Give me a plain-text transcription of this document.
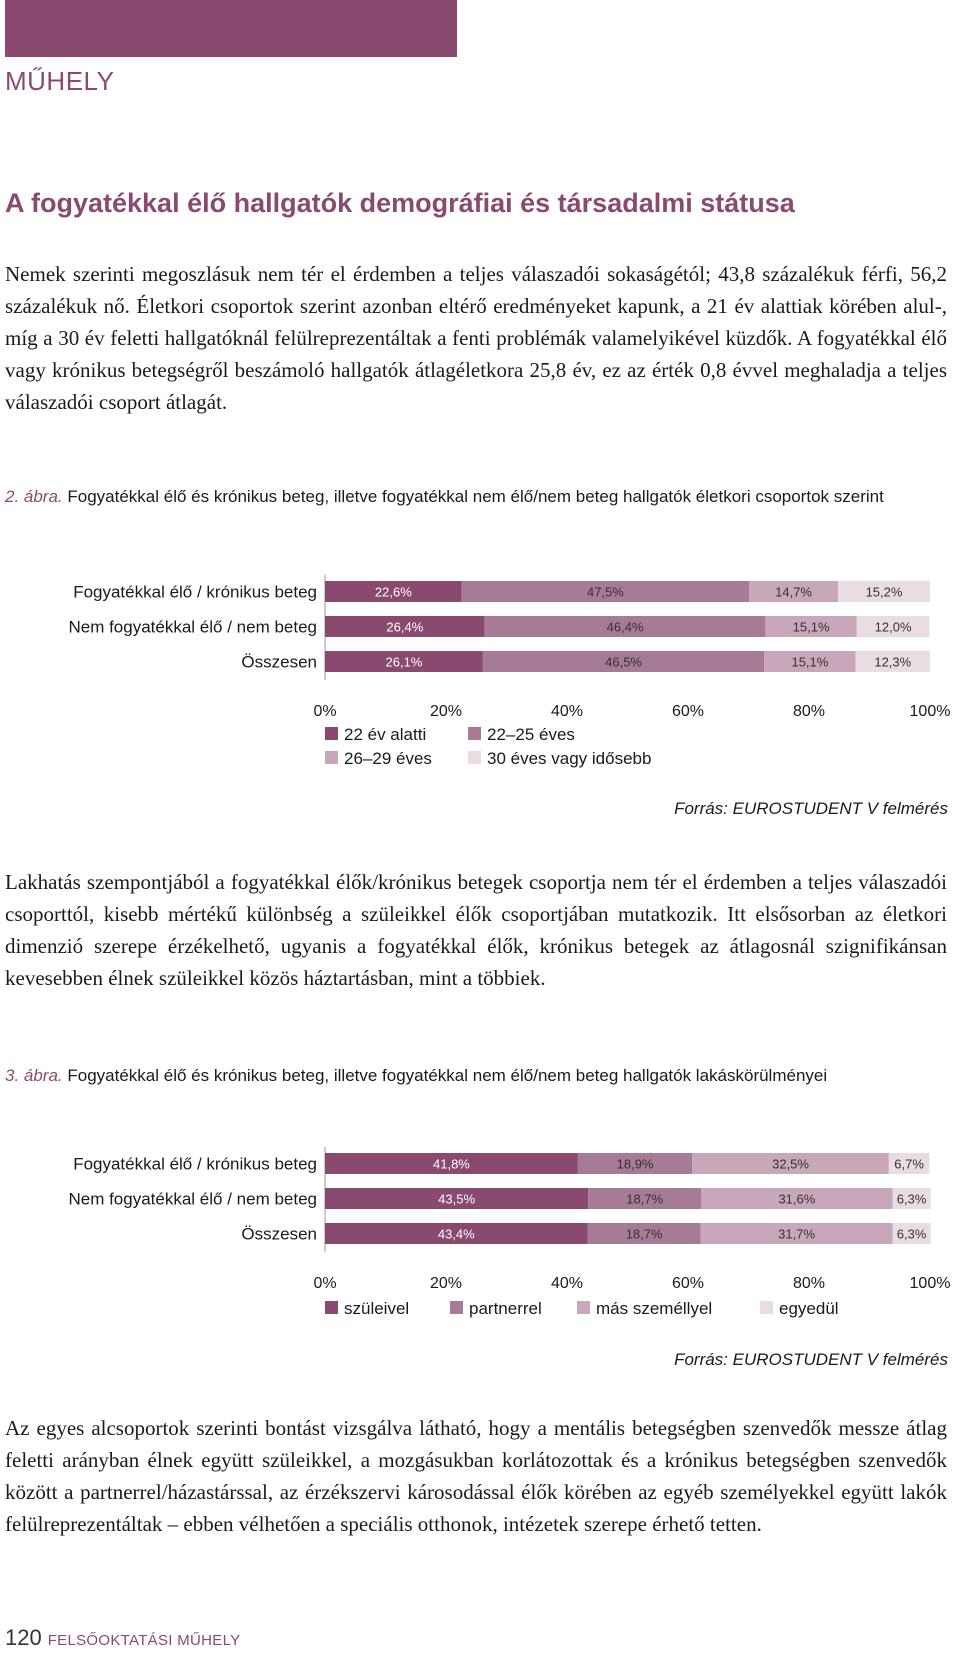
MŰHELY
A fogyatékkal élő hallgatók demográfiai és társadalmi státusa

Nemek szerinti megoszlásuk nem tér el érdemben a teljes válaszadói sokaságétól; 43,8 százalékuk férfi, 56,2 százalékuk nő. Életkori csoportok szerint azonban eltérő eredményeket kapunk, a 21 év alattiak körében alul-, míg a 30 év feletti hallgatóknál felülreprezentáltak a fenti problémák valamelyikével küzdők. A fogyatékkal élő vagy krónikus betegségről beszámoló hallgatók átlagéletkora 25,8 év, ez az érték 0,8 évvel meghaladja a teljes válaszadói csoport átlagát.

2. ábra. Fogyatékkal élő és krónikus beteg, illetve fogyatékkal nem élő/nem beteg hallgatók életkori csoportok szerint

Fogyatékkal élő / krónikus beteg	22,6%	47,5%	14,7%	15,2%
Nem fogyatékkal élő / nem beteg	26,4%	46,4%	15,1%	12,0%
Összesen	26,1%	46,5%	15,1%	12,3%
0%	20%	40%	60%	80%	100%
22 év alatti	22–25 éves
26–29 éves	30 éves vagy idősebb
Forrás: EUROSTUDENT V felmérés

Lakhatás szempontjából a fogyatékkal élők/krónikus betegek csoportja nem tér el érdemben a teljes válaszadói csoporttól, kisebb mértékű különbség a szüleikkel élők csoportjában mutatkozik. Itt elsősorban az életkori dimenzió szerepe érzékelhető, ugyanis a fogyatékkal élők, krónikus betegek az átlagosnál szignifikánsan kevesebben élnek szüleikkel közös háztartásban, mint a többiek.

3. ábra. Fogyatékkal élő és krónikus beteg, illetve fogyatékkal nem élő/nem beteg hallgatók lakáskörülményei

Fogyatékkal élő / krónikus beteg	41,8%	18,9%	32,5%	6,7%
Nem fogyatékkal élő / nem beteg	43,5%	18,7%	31,6%	6,3%
Összesen	43,4%	18,7%	31,7%	6,3%
0%	20%	40%	60%	80%	100%
szüleivel	partnerrel	más személlyel	egyedül
Forrás: EUROSTUDENT V felmérés

Az egyes alcsoportok szerinti bontást vizsgálva látható, hogy a mentális betegségben szenvedők messze átlag feletti arányban élnek együtt szüleikkel, a mozgásukban korlátozottak és a krónikus betegségben szenvedők között a partnerrel/házastárssal, az érzékszervi károsodással élők körében az egyéb személyekkel együtt lakók felülreprezentáltak – ebben vélhetően a speciális otthonok, intézetek szerepe érhető tetten.

120 FELSŐOKTATÁSI MŰHELY
